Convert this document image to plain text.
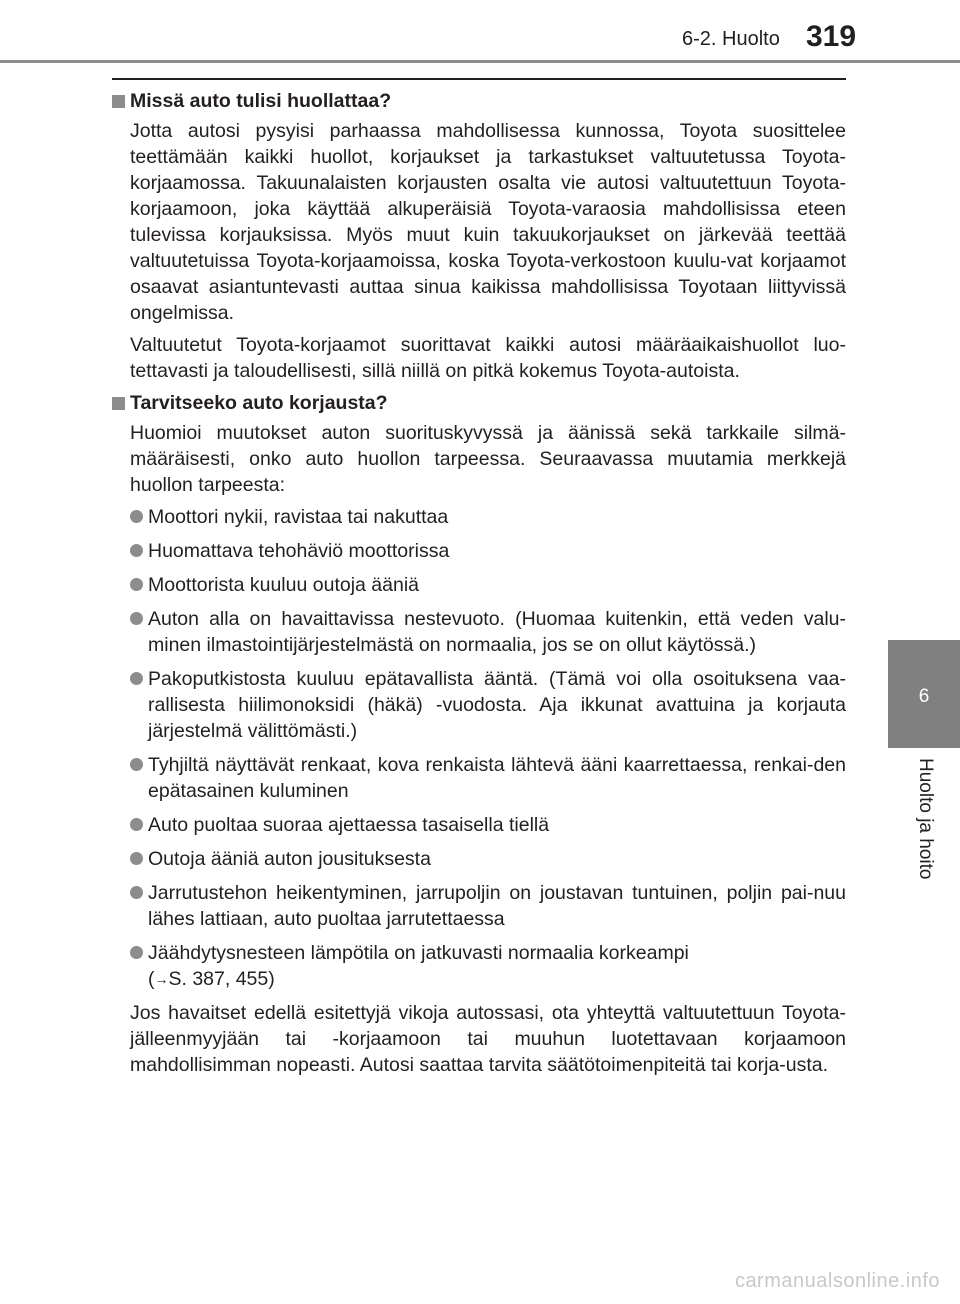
6-2. Huolto 319
6
Huolto ja hoito
Missä auto tulisi huollattaa?

Jotta autosi pysyisi parhaassa mahdollisessa kunnossa, Toyota suosittelee teettämään kaikki huollot, korjaukset ja tarkastukset valtuutetussa Toyota-korjaamossa. Takuunalaisten korjausten osalta vie autosi valtuutettuun Toyota-korjaamoon, joka käyttää alkuperäisiä Toyota-varaosia mahdollisissa eteen tulevissa korjauksissa. Myös muut kuin takuukorjaukset on järkevää teettää valtuutetuissa Toyota-korjaamoissa, koska Toyota-verkostoon kuulu-vat korjaamot osaavat asiantuntevasti auttaa sinua kaikissa mahdollisissa Toyotaan liittyvissä ongelmissa.

Valtuutetut Toyota-korjaamot suorittavat kaikki autosi määräaikaishuollot luo-tettavasti ja taloudellisesti, sillä niillä on pitkä kokemus Toyota-autoista.

Tarvitseeko auto korjausta?

Huomioi muutokset auton suorituskyvyssä ja äänissä sekä tarkkaile silmä-määräisesti, onko auto huollon tarpeessa. Seuraavassa muutamia merkkejä huollon tarpeesta:

Moottori nykii, ravistaa tai nakuttaa
Huomattava tehohäviö moottorissa
Moottorista kuuluu outoja ääniä
Auton alla on havaittavissa nestevuoto. (Huomaa kuitenkin, että veden valu-minen ilmastointijärjestelmästä on normaalia, jos se on ollut käytössä.)
Pakoputkistosta kuuluu epätavallista ääntä. (Tämä voi olla osoituksena vaa-rallisesta hiilimonoksidi (häkä) -vuodosta. Aja ikkunat avattuina ja korjauta järjestelmä välittömästi.)
Tyhjiltä näyttävät renkaat, kova renkaista lähtevä ääni kaarrettaessa, renkai-den epätasainen kuluminen
Auto puoltaa suoraa ajettaessa tasaisella tiellä
Outoja ääniä auton jousituksesta
Jarrutustehon heikentyminen, jarrupoljin on joustavan tuntuinen, poljin pai-nuu lähes lattiaan, auto puoltaa jarrutettaessa
Jäähdytysnesteen lämpötila on jatkuvasti normaalia korkeampi
(→S. 387, 455)

Jos havaitset edellä esitettyjä vikoja autossasi, ota yhteyttä valtuutettuun Toyota-jälleenmyyjään tai -korjaamoon tai muuhun luotettavaan korjaamoon mahdollisimman nopeasti. Autosi saattaa tarvita säätötoimenpiteitä tai korja-usta.

carmanualsonline.info
